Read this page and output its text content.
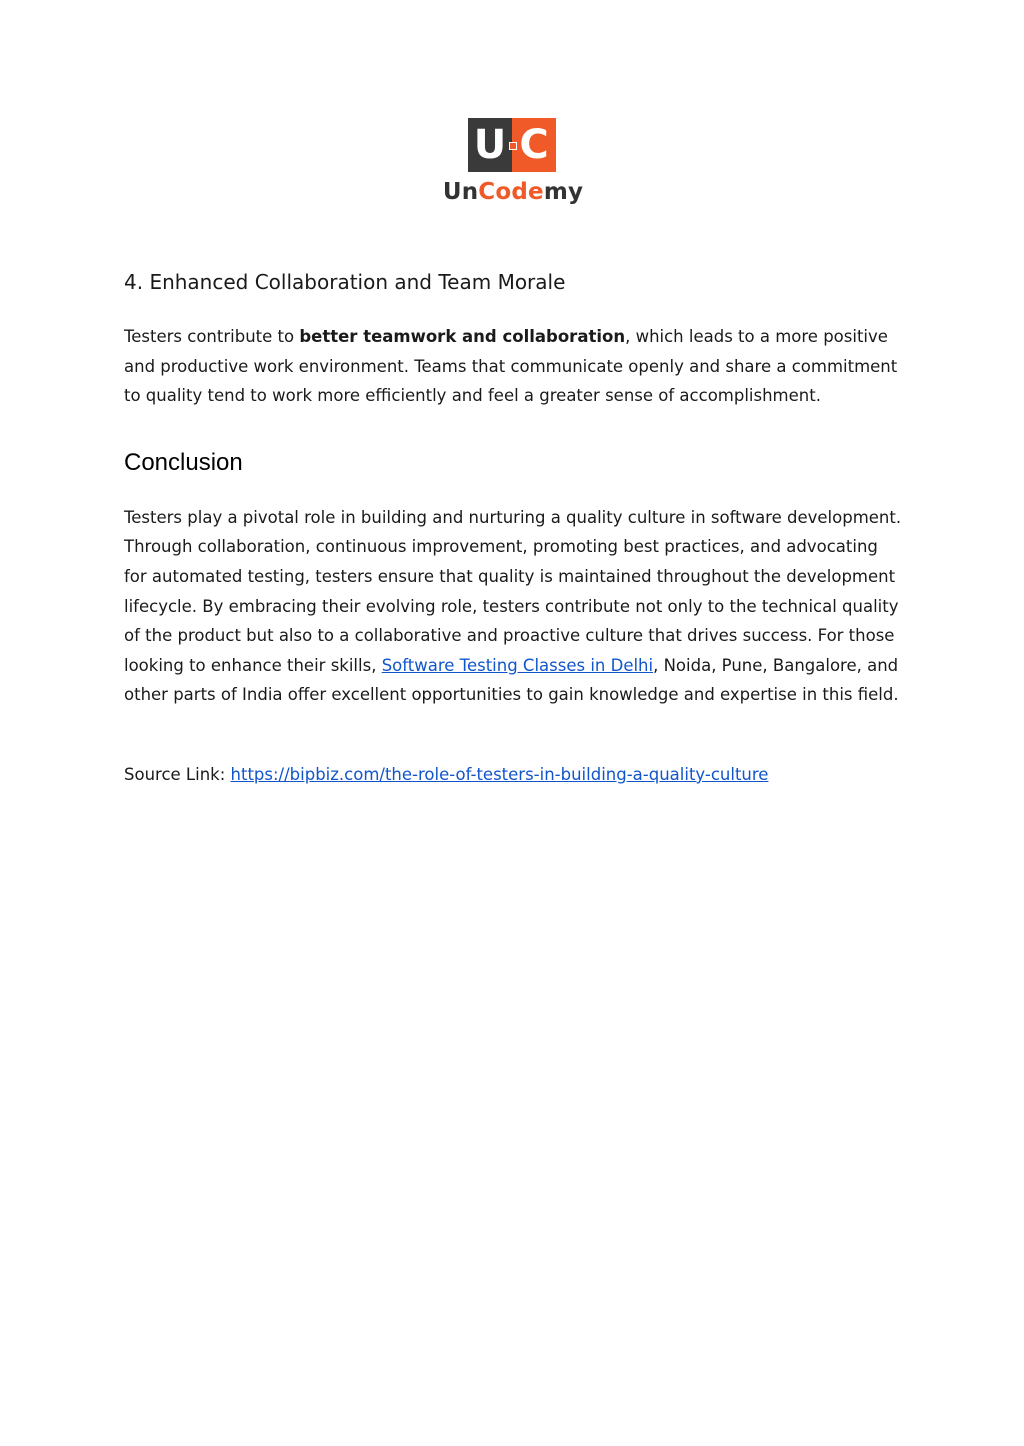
U C
UnCodemy
4. Enhanced Collaboration and Team Morale

Testers contribute to better teamwork and collaboration, which leads to a more positive and productive work environment. Teams that communicate openly and share a commitment to quality tend to work more efficiently and feel a greater sense of accomplishment.

Conclusion

Testers play a pivotal role in building and nurturing a quality culture in software development. Through collaboration, continuous improvement, promoting best practices, and advocating for automated testing, testers ensure that quality is maintained throughout the development lifecycle. By embracing their evolving role, testers contribute not only to the technical quality of the product but also to a collaborative and proactive culture that drives success. For those looking to enhance their skills, Software Testing Classes in Delhi, Noida, Pune, Bangalore, and other parts of India offer excellent opportunities to gain knowledge and expertise in this field.

Source Link: https://bipbiz.com/the-role-of-testers-in-building-a-quality-culture
